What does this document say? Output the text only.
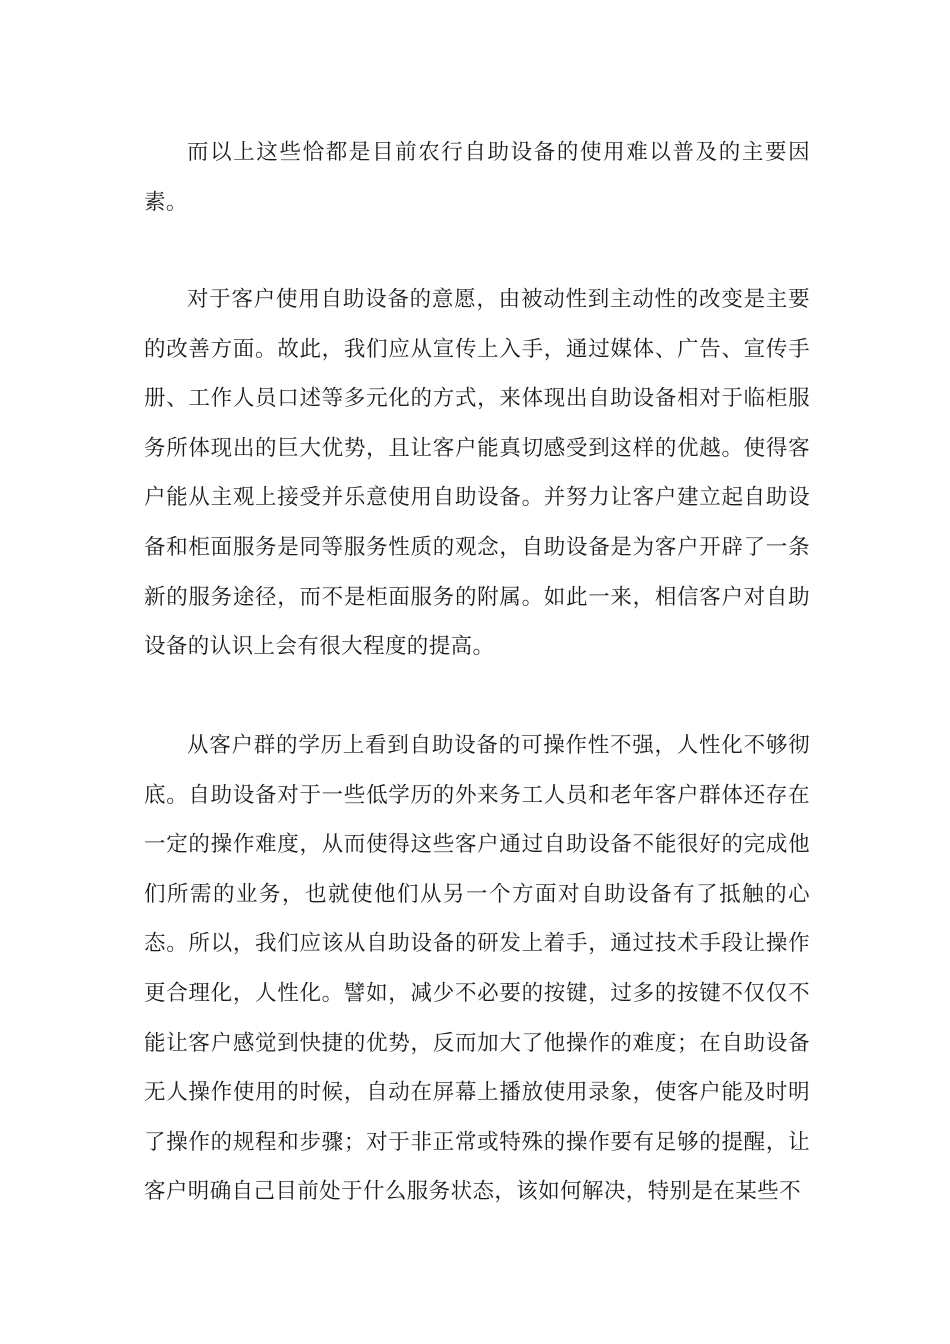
而以上这些恰都是目前农行自助设备的使用难以普及的主要因素。

对于客户使用自助设备的意愿，由被动性到主动性的改变是主要的改善方面。故此，我们应从宣传上入手，通过媒体、广告、宣传手册、工作人员口述等多元化的方式，来体现出自助设备相对于临柜服务所体现出的巨大优势，且让客户能真切感受到这样的优越。使得客户能从主观上接受并乐意使用自助设备。并努力让客户建立起自助设备和柜面服务是同等服务性质的观念，自助设备是为客户开辟了一条新的服务途径，而不是柜面服务的附属。如此一来，相信客户对自助设备的认识上会有很大程度的提高。

从客户群的学历上看到自助设备的可操作性不强，人性化不够彻底。自助设备对于一些低学历的外来务工人员和老年客户群体还存在一定的操作难度，从而使得这些客户通过自助设备不能很好的完成他们所需的业务，也就使他们从另一个方面对自助设备有了抵触的心态。所以，我们应该从自助设备的研发上着手，通过技术手段让操作更合理化，人性化。譬如，减少不必要的按键，过多的按键不仅仅不能让客户感觉到快捷的优势，反而加大了他操作的难度；在自助设备无人操作使用的时候，自动在屏幕上播放使用录象，使客户能及时明了操作的规程和步骤；对于非正常或特殊的操作要有足够的提醒，让客户明确自己目前处于什么服务状态，该如何解决，特别是在某些不
